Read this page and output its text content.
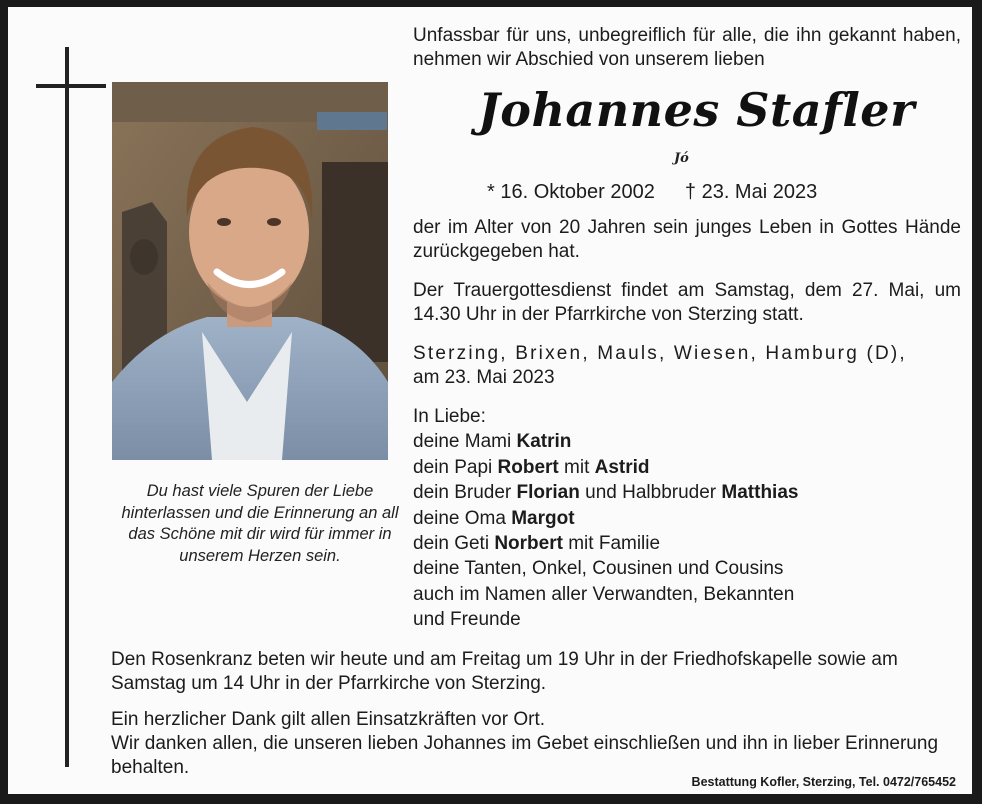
Du hast viele Spuren der Liebe hinterlassen und die Erinnerung an all das Schöne mit dir wird für immer in unserem Herzen sein.
Unfassbar für uns, unbegreiflich für alle, die ihn gekannt haben, nehmen wir Abschied von unserem lieben
Johannes Stafler
Jó
* 16. Oktober 2002 † 23. Mai 2023
der im Alter von 20 Jahren sein junges Leben in Gottes Hände zurückgegeben hat.
Der Trauergottesdienst findet am Samstag, dem 27. Mai, um 14.30 Uhr in der Pfarrkirche von Sterzing statt.
Sterzing, Brixen, Mauls, Wiesen, Hamburg (D),
am 23. Mai 2023
In Liebe:
deine Mami Katrin
dein Papi Robert mit Astrid
dein Bruder Florian und Halbbruder Matthias
deine Oma Margot
dein Geti Norbert mit Familie
deine Tanten, Onkel, Cousinen und Cousins
auch im Namen aller Verwandten, Bekannten
und Freunde
Den Rosenkranz beten wir heute und am Freitag um 19 Uhr in der Friedhofskapelle sowie am Samstag um 14 Uhr in der Pfarrkirche von Sterzing.
Ein herzlicher Dank gilt allen Einsatzkräften vor Ort.
Wir danken allen, die unseren lieben Johannes im Gebet einschließen und ihn in lieber Erinnerung behalten.
Bestattung Kofler, Sterzing, Tel. 0472/765452
